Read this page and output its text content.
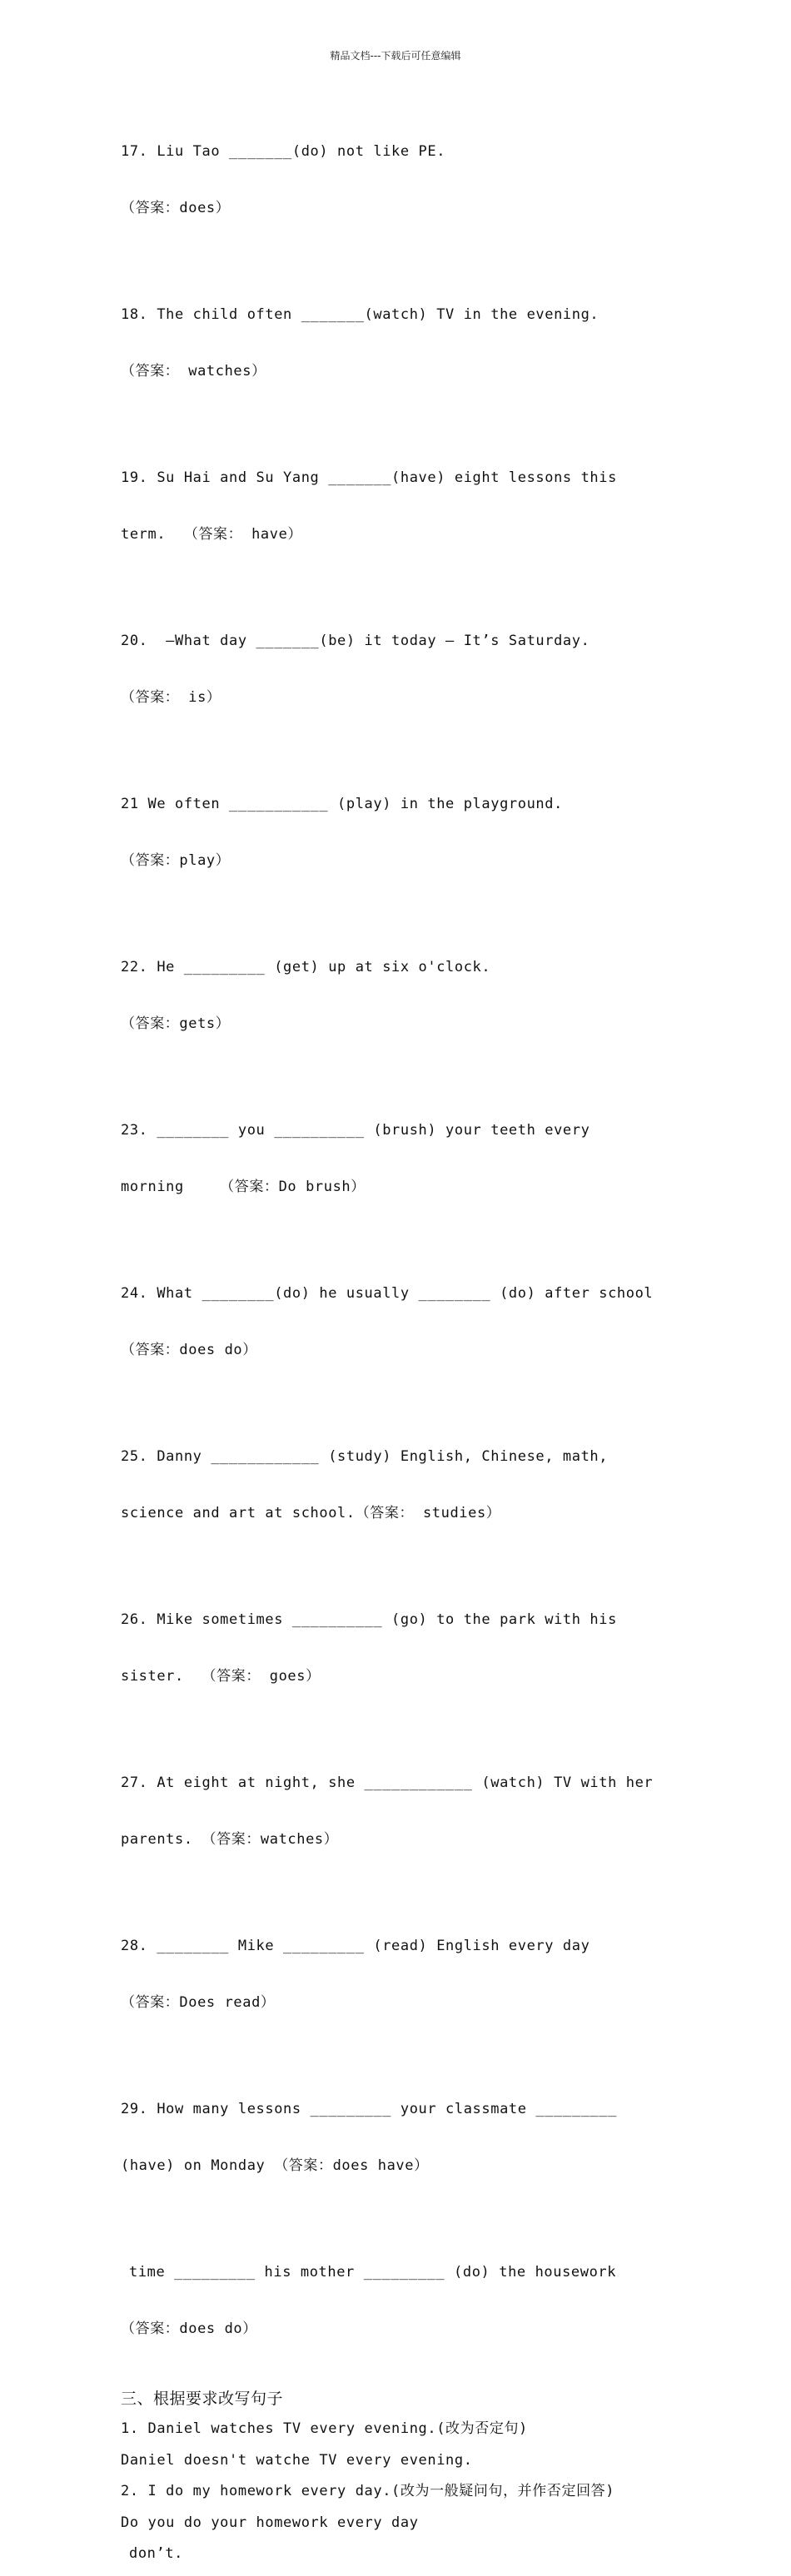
精品文档---下载后可任意编辑

17. Liu Tao _______(do) not like PE.

（答案：does）

18. The child often _______(watch) TV in the evening.

（答案： watches）

19. Su Hai and Su Yang _______(have) eight lessons this

term.  （答案： have）

20.  —What day _______(be) it today — It’s Saturday.

（答案： is）

21 We often ___________ (play) in the playground.

（答案：play）

22. He _________ (get) up at six o'clock.

（答案：gets）

23. ________ you __________ (brush) your teeth every

morning    （答案：Do brush）

24. What ________(do) he usually ________ (do) after school

（答案：does do）

25. Danny ____________ (study) English, Chinese, math,

science and art at school.（答案： studies）

26. Mike sometimes __________ (go) to the park with his

sister.  （答案： goes）

27. At eight at night, she ____________ (watch) TV with her

parents. （答案：watches）

28. ________ Mike _________ (read) English every day

（答案：Does read）

29. How many lessons _________ your classmate _________

(have) on Monday （答案：does have）

time _________ his mother _________ (do) the housework

（答案：does do）

三、根据要求改写句子
1. Daniel watches TV every evening.(改为否定句)
Daniel doesn't watche TV every evening.
2. I do my homework every day.(改为一般疑问句，并作否定回答)
Do you do your homework every day
don’t.
